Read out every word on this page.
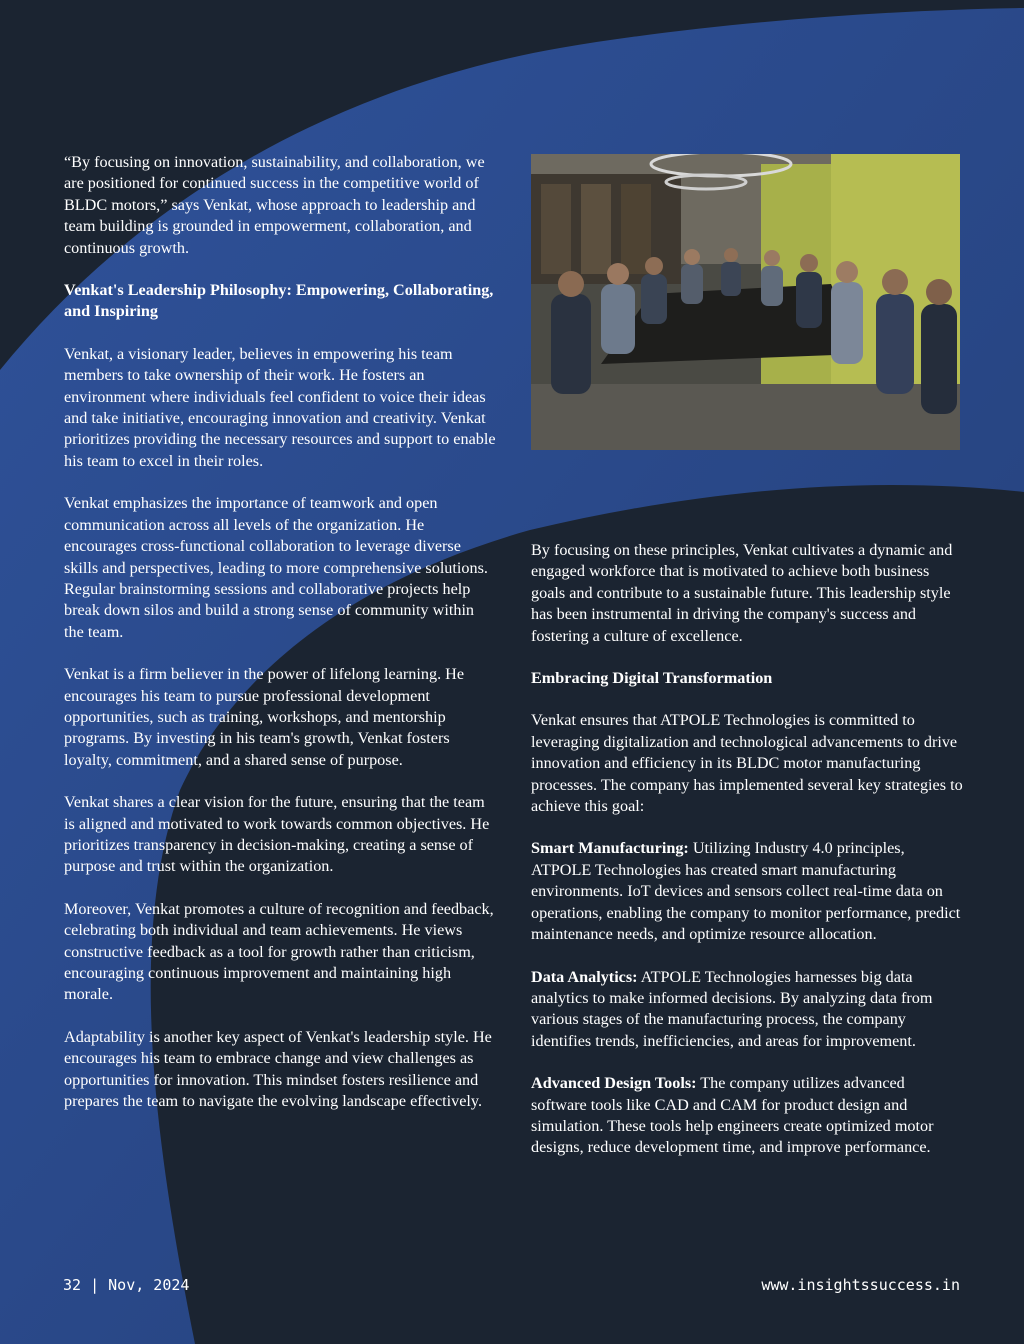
“By focusing on innovation, sustainability, and collaboration, we are positioned for continued success in the competitive world of BLDC motors,” says Venkat, whose approach to leadership and team building is grounded in empowerment, collaboration, and continuous growth.

Venkat's Leadership Philosophy: Empowering, Collaborating, and Inspiring

Venkat, a visionary leader, believes in empowering his team members to take ownership of their work. He fosters an environment where individuals feel confident to voice their ideas and take initiative, encouraging innovation and creativity. Venkat prioritizes providing the necessary resources and support to enable his team to excel in their roles.

Venkat emphasizes the importance of teamwork and open communication across all levels of the organization. He encourages cross-functional collaboration to leverage diverse skills and perspectives, leading to more comprehensive solutions. Regular brainstorming sessions and collaborative projects help break down silos and build a strong sense of community within the team.

Venkat is a firm believer in the power of lifelong learning. He encourages his team to pursue professional development opportunities, such as training, workshops, and mentorship programs. By investing in his team's growth, Venkat fosters loyalty, commitment, and a shared sense of purpose.

Venkat shares a clear vision for the future, ensuring that the team is aligned and motivated to work towards common objectives. He prioritizes transparency in decision-making, creating a sense of purpose and trust within the organization.

Moreover, Venkat promotes a culture of recognition and feedback, celebrating both individual and team achievements. He views constructive feedback as a tool for growth rather than criticism, encouraging continuous improvement and maintaining high morale.

Adaptability is another key aspect of Venkat's leadership style. He encourages his team to embrace change and view challenges as opportunities for innovation. This mindset fosters resilience and prepares the team to navigate the evolving landscape effectively.

By focusing on these principles, Venkat cultivates a dynamic and engaged workforce that is motivated to achieve both business goals and contribute to a sustainable future. This leadership style has been instrumental in driving the company's success and fostering a culture of excellence.

Embracing Digital Transformation

Venkat ensures that ATPOLE Technologies is committed to leveraging digitalization and technological advancements to drive innovation and efficiency in its BLDC motor manufacturing processes. The company has implemented several key strategies to achieve this goal:

Smart Manufacturing: Utilizing Industry 4.0 principles, ATPOLE Technologies has created smart manufacturing environments. IoT devices and sensors collect real-time data on operations, enabling the company to monitor performance, predict maintenance needs, and optimize resource allocation.

Data Analytics: ATPOLE Technologies harnesses big data analytics to make informed decisions. By analyzing data from various stages of the manufacturing process, the company identifies trends, inefficiencies, and areas for improvement.

Advanced Design Tools: The company utilizes advanced software tools like CAD and CAM for product design and simulation. These tools help engineers create optimized motor designs, reduce development time, and improve performance.

32 | Nov, 2024	www.insightssuccess.in
